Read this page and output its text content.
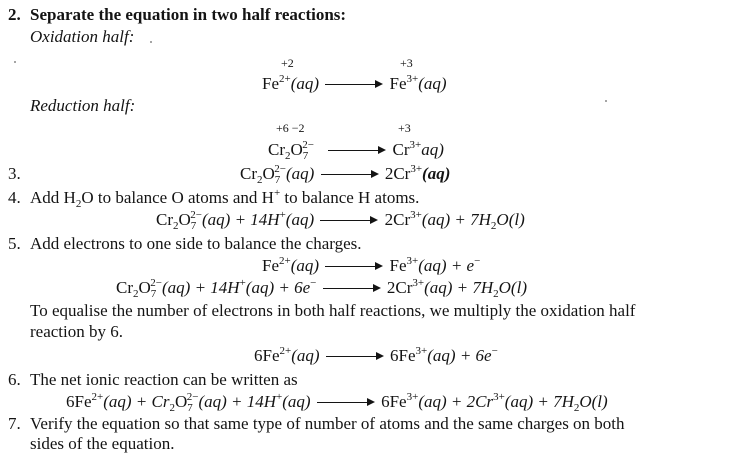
2. Separate the equation in two half reactions:
Oxidation half:
+2	+3
$Fe^{2+}(aq)$	$Fe^{3+}(aq)$
Reduction half:
+6 −2	+3
$Cr_2O_7^{2-}$	$Cr^{3+}aq$)
3.	$Cr_2O_7^{2-}(aq)$	$2Cr^{3+}(aq)$
4. Add $H_2O$ to balance O atoms and H+ to balance H atoms.
$Cr_2O_7^{2-}(aq) + 14H^+(aq)$	$2Cr^{3+}(aq) + 7H_2O(l)$
5. Add electrons to one side to balance the charges.
$Fe^{2+}(aq)$	$Fe^{3+}(aq) + e^-$
$Cr_2O_7^{2-}(aq) + 14H^+(aq) + 6e^-$	$2Cr^{3+}(aq) + 7H_2O(l)$
To equalise the number of electrons in both half reactions, we multiply the oxidation half
reaction by 6.
$6Fe^{2+}(aq)$	$6Fe^{3+}(aq) + 6e^-$
6. The net ionic reaction can be written as
$6Fe^{2+}(aq) + Cr_2O_7^{2-}(aq) + 14H^+(aq)$	$6Fe^{3+}(aq) + 2Cr^{3+}(aq) + 7H_2O(l)$
7. Verify the equation so that same type of number of atoms and the same charges on both
sides of the equation.
